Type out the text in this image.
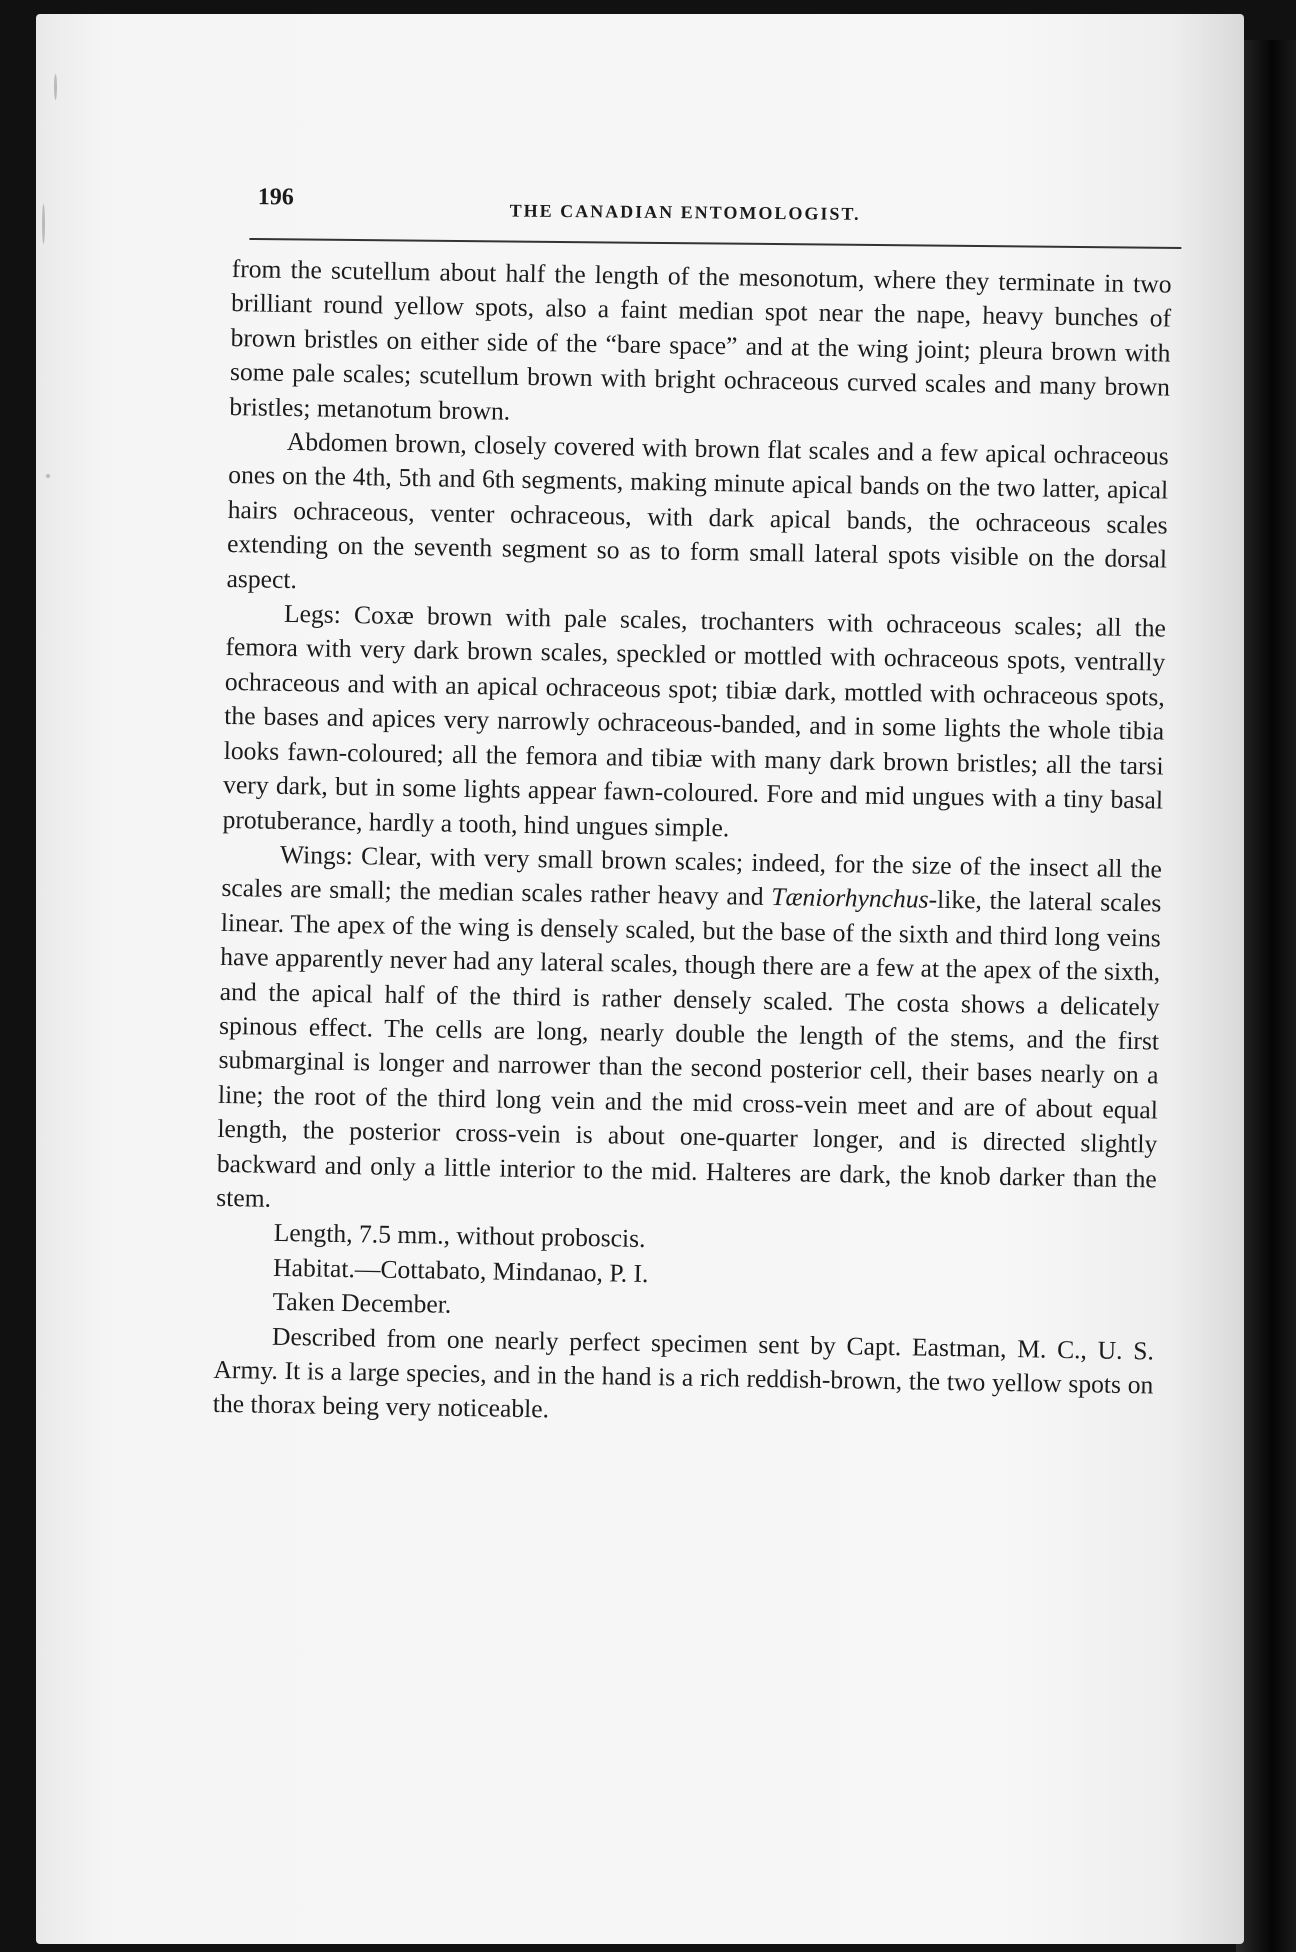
196
THE CANADIAN ENTOMOLOGIST.

from the scutellum about half the length of the mesonotum, where they terminate in two brilliant round yellow spots, also a faint median spot near the nape, heavy bunches of brown bristles on either side of the “bare space” and at the wing joint; pleura brown with some pale scales; scutellum brown with bright ochraceous curved scales and many brown bristles; metanotum brown.

Abdomen brown, closely covered with brown flat scales and a few apical ochraceous ones on the 4th, 5th and 6th segments, making minute apical bands on the two latter, apical hairs ochraceous, venter ochraceous, with dark apical bands, the ochraceous scales extending on the seventh segment so as to form small lateral spots visible on the dorsal aspect.

Legs: Coxæ brown with pale scales, trochanters with ochraceous scales; all the femora with very dark brown scales, speckled or mottled with ochraceous spots, ventrally ochraceous and with an apical ochraceous spot; tibiæ dark, mottled with ochraceous spots, the bases and apices very narrowly ochraceous-banded, and in some lights the whole tibia looks fawn-coloured; all the femora and tibiæ with many dark brown bristles; all the tarsi very dark, but in some lights appear fawn-coloured. Fore and mid ungues with a tiny basal protuberance, hardly a tooth, hind ungues simple.

Wings: Clear, with very small brown scales; indeed, for the size of the insect all the scales are small; the median scales rather heavy and Tæniorhynchus-like, the lateral scales linear. The apex of the wing is densely scaled, but the base of the sixth and third long veins have apparently never had any lateral scales, though there are a few at the apex of the sixth, and the apical half of the third is rather densely scaled. The costa shows a delicately spinous effect. The cells are long, nearly double the length of the stems, and the first submarginal is longer and narrower than the second posterior cell, their bases nearly on a line; the root of the third long vein and the mid cross-vein meet and are of about equal length, the posterior cross-vein is about one-quarter longer, and is directed slightly backward and only a little interior to the mid. Halteres are dark, the knob darker than the stem.

Length, 7.5 mm., without proboscis.

Habitat.—Cottabato, Mindanao, P. I.

Taken December.

Described from one nearly perfect specimen sent by Capt. Eastman, M. C., U. S. Army. It is a large species, and in the hand is a rich reddish-brown, the two yellow spots on the thorax being very noticeable.
